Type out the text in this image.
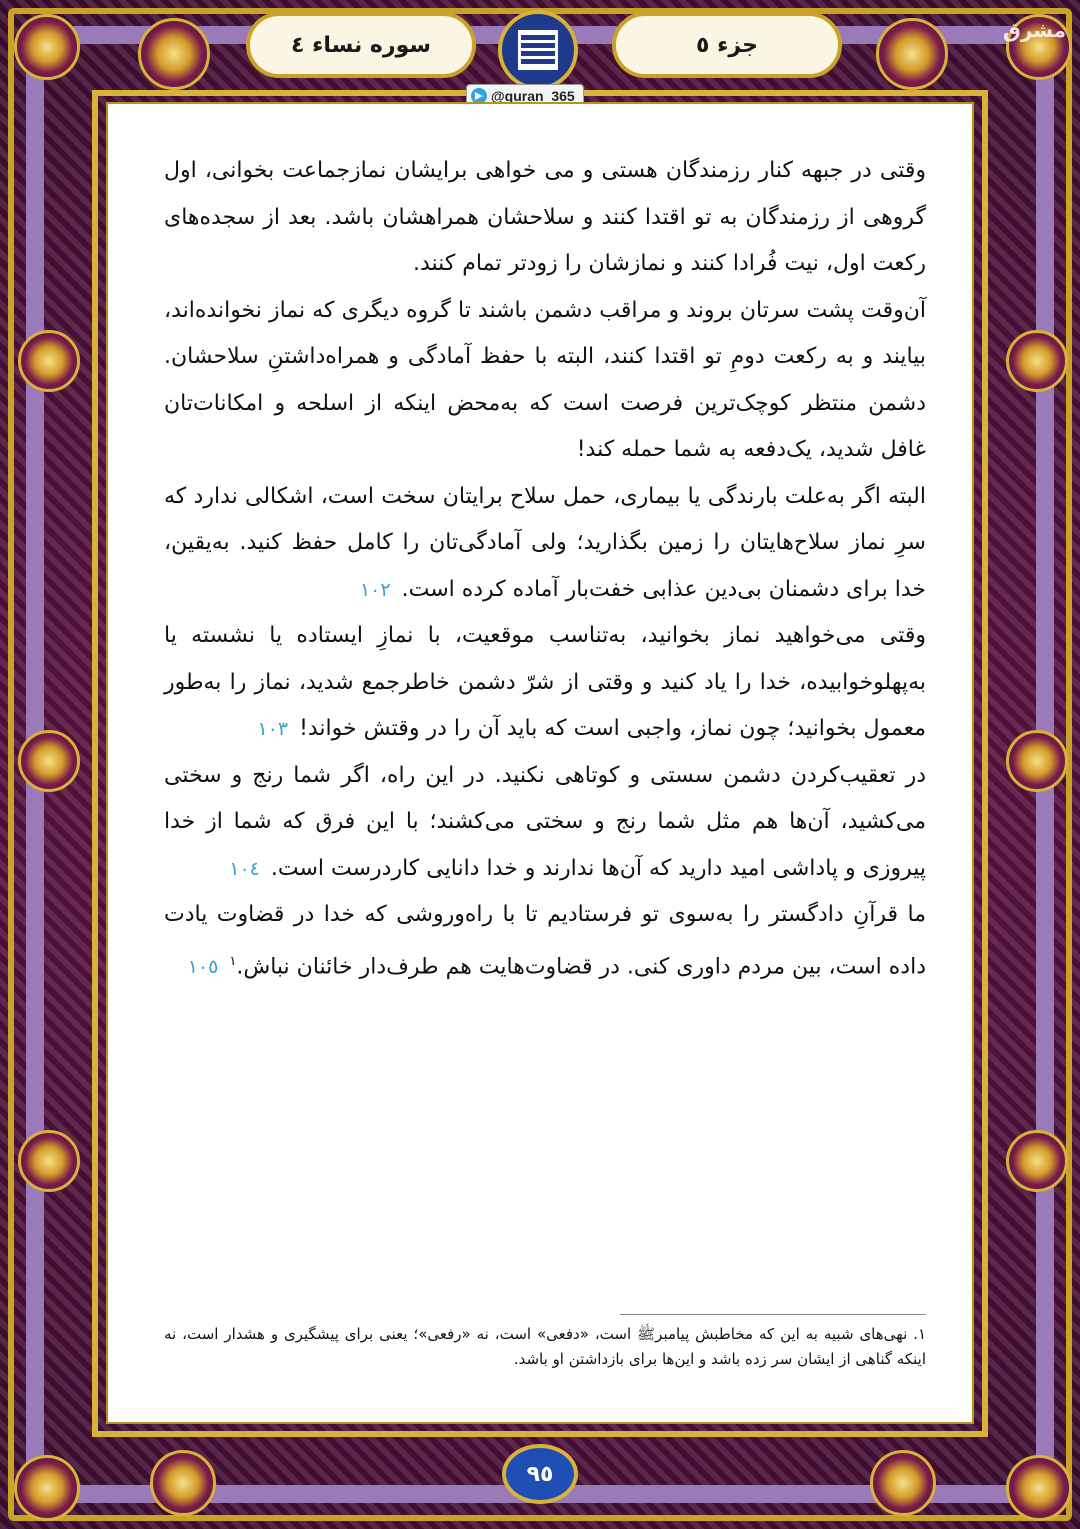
سوره نساء ٤	جزء ٥
@quran_365
مشرق

وقتی در جبهه کنار رزمندگان هستی و می خواهی برایشان نمازجماعت بخوانی، اول گروهی از رزمندگان به تو اقتدا کنند و سلاحشان همراهشان باشد. بعد از سجده‌های رکعت اول، نیت فُرادا کنند و نمازشان را زودتر تمام کنند.

آن‌وقت پشت سرتان بروند و مراقب دشمن باشند تا گروه دیگری که نماز نخوانده‌اند، بیایند و به رکعت دومِ تو اقتدا کنند، البته با حفظ آمادگی و همراه‌داشتنِ سلاحشان. دشمن منتظر کوچک‌ترین فرصت است که به‌محض اینکه از اسلحه و امکانات‌تان غافل شدید، یک‌دفعه به شما حمله کند!

البته اگر به‌علت بارندگی یا بیماری، حمل سلاح برایتان سخت است، اشکالی ندارد که سرِ نماز سلاح‌هایتان را زمین بگذارید؛ ولی آمادگی‌تان را کامل حفظ کنید. به‌یقین، خدا برای دشمنان بی‌دین عذابی خفت‌بار آماده کرده است. ١٠٢

وقتی می‌خواهید نماز بخوانید، به‌تناسب موقعیت، با نمازِ ایستاده یا نشسته یا به‌پهلوخوابیده، خدا را یاد کنید و وقتی از شرّ دشمن خاطرجمع شدید، نماز را به‌طور معمول بخوانید؛ چون نماز، واجبی است که باید آن را در وقتش خواند! ١٠٣

در تعقیب‌کردن دشمن سستی و کوتاهی نکنید. در این راه، اگر شما رنج و سختی می‌کشید، آن‌ها هم مثل شما رنج و سختی می‌کشند؛ با این فرق که شما از خدا پیروزی و پاداشی امید دارید که آن‌ها ندارند و خدا دانایی کاردرست است. ١٠٤

ما قرآنِ دادگستر را به‌سوی تو فرستادیم تا با راه‌وروشی که خدا در قضاوت یادت داده است، بین مردم داوری کنی. در قضاوت‌هایت هم طرف‌دار خائنان نباش.$^١$ ١٠٥

١. نهی‌های شبیه به این که مخاطبش پیامبرﷺ است، «دفعی» است، نه «رفعی»؛ یعنی برای پیشگیری و هشدار است، نه اینکه گناهی از ایشان سر زده باشد و این‌ها برای بازداشتن او باشد.
٩٥
